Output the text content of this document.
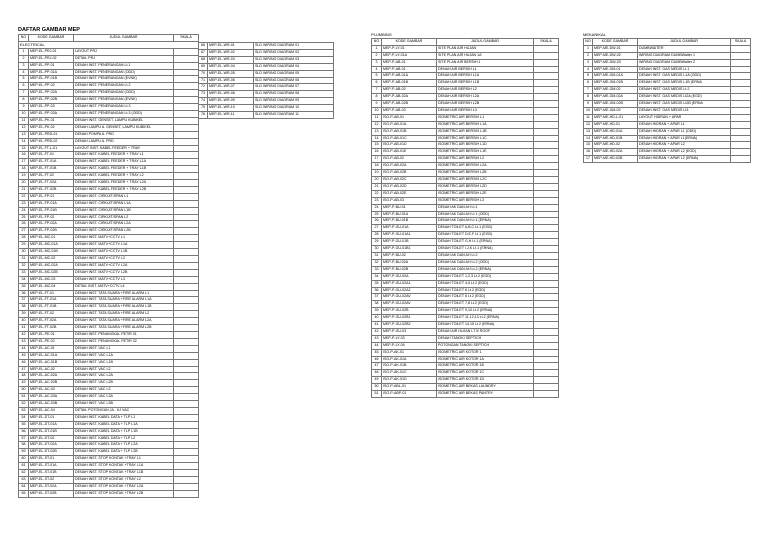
DAFTAR GAMBAR MEP
NO	KODE GAMBAR	JUDUL GAMBAR	SKALA
ELECTRICAL			
1	MEP-EL-PRJ-01	LAYOUT PRJ	
2	MEP-EL-PRJ-02	DETAIL PRJ	
3	MEP-EL-PP-01	DENAH INST. PENERANGAN Lt.1	
4	MEP-EL-PP-01A	DENAH INST. PENERANGAN (ODD)	
5	MEP-EL-PP-01B	DENAH INST. PENERANGAN (EVNK)	
6	MEP-EL-PP-02	DENAH INST. PENERANGAN Lt.2	
7	MEP-EL-PP-02A	DENAH INST. PENERANGAN (ODD)	
8	MEP-EL-PP-02B	DENAH INST. PENERANGAN (EVNK)	
9	MEP-EL-PP-03	DENAH INST. PENERANGAN Lt.3	
10	MEP-EL-PP-03A	DENAH INST. PENERANGAN Lt.3 (ODD)	
11	MEP-EL-PK-01	DENAH INST. GENSET, LAMPU KUBIKEL	
12	MEP-EL-PK-02	DENAH LAMPU A. GENSET, LAMPU KUBIKEL	
13	MEP-EL-PRD-01	DENAH POMPA A. PRD	
14	MEP-EL-PRD-02	DENAH LAMPU A. PRD	
15	MEP-EL-FT-L-01	LAYOUT INST. KABEL FEEDER + TRAY	
16	MEP-EL-FT-01	DENAH INST. KABEL FEEDER + TRAY L1	
17	MEP-EL-FT-01A	DENAH INST. KABEL FEEDER + TRAY L1A	
18	MEP-EL-FT-01B	DENAH INST. KABEL FEEDER + TRAY L1B	
19	MEP-EL-FT-02	DENAH INST. KABEL FEEDER + TRAY L2	
20	MEP-EL-FT-02A	DENAH INST. KABEL FEEDER + TRAY L2A	
21	MEP-EL-FT-02B	DENAH INST. KABEL FEEDER + TRAY L2B	
22	MEP-EL-FP-01	DENAH INST. CIRKUIT/SPAN L1	
23	MEP-EL-FP-01A	DENAH INST. CIRKUIT/SPAN L1A	
24	MEP-EL-FP-01B	DENAH INST. CIRKUIT/SPAN L1B	
25	MEP-EL-FP-02	DENAH INST. CIRKUIT/SPAN L2	
26	MEP-EL-FP-02A	DENAH INST. CIRKUIT/SPAN L2A	
27	MEP-EL-FP-02B	DENAH INST. CIRKUIT/SPAN L2B	
28	MEP-EL-MC-01	DENAH INST. MATV+CCTV L1	
29	MEP-EL-MC-01A	DENAH INST. MATV+CCTV L1A	
30	MEP-EL-MC-01B	DENAH INST. MATV+CCTV L1B	
31	MEP-EL-MC-02	DENAH INST. MATV+CCTV L2	
32	MEP-EL-MC-02A	DENAH INST. MATV+CCTV L2A	
33	MEP-EL-MC-02B	DENAH INST. MATV+CCTV L2B	
34	MEP-EL-MC-03	DENAH INST. MATV+CCTV L3	
35	MEP-EL-MC-04	DETAIL INST. MATV+CCTV L4	
36	MEP-EL-FT-01	DENAH INST. TATA SUARA +FIRE ALARM L1	
37	MEP-EL-FT-01A	DENAH INST. TATA SUARA +FIRE ALARM L1A	
38	MEP-EL-FT-01B	DENAH INST. TATA SUARA +FIRE ALARM L1B	
39	MEP-EL-FT-02	DENAH INST. TATA SUARA +FIRE ALARM L2	
40	MEP-EL-FT-02A	DENAH INST. TATA SUARA +FIRE ALARM L2A	
41	MEP-EL-FT-02B	DENAH INST. TATA SUARA +FIRE ALARM L2B	
42	MEP-EL-PE-01	DENAH INST. PENANGKAL PETIR 01	
43	MEP-EL-PE-02	DENAH INST. PENANGKAL PETIR 02	
44	MEP-EL-AC-01	DENAH INST. VAC L1	
45	MEP-EL-AC-01A	DENAH INST. VAC L1A	
46	MEP-EL-AC-01B	DENAH INST. VAC L1B	
47	MEP-EL-AC-02	DENAH INST. VAC L2	
48	MEP-EL-AC-02A	DENAH INST. VAC L2A	
49	MEP-EL-AC-02B	DENAH INST. VAC L2B	
50	MEP-EL-AC-03	DENAH INST. VAC L3	
51	MEP-EL-AC-03A	DENAH INST. VAC L3A	
52	MEP-EL-AC-03B	DENAH INST. VAC L3B	
53	MEP-EL-AC-04	DETAIL POTONGAN JA - KJ VAC	
54	MEP-EL-DT-01	DENAH INST. KABEL DATA + TLP L1	
55	MEP-EL-DT-01A	DENAH INST. KABEL DATA + TLP L1A	
56	MEP-EL-DT-01B	DENAH INST. KABEL DATA + TLP L1B	
57	MEP-EL-DT-02	DENAH INST. KABEL DATA + TLP L2	
58	MEP-EL-DT-02A	DENAH INST. KABEL DATA + TLP L2A	
59	MEP-EL-DT-02B	DENAH INST. KABEL DATA + TLP L2B	
60	MEP-EL-ST-01	DENAH INST. STOP KONTAK +TRAY L1	
61	MEP-EL-ST-01A	DENAH INST. STOP KONTAK +TRAY L1A	
62	MEP-EL-ST-01B	DENAH INST. STOP KONTAK +TRAY L1B	
63	MEP-EL-ST-02	DENAH INST. STOP KONTAK +TRAY L2	
64	MEP-EL-ST-02A	DENAH INST. STOP KONTAK +TRAY L2A	
65	MEP-EL-ST-02B	DENAH INST. STOP KONTAK +TRAY L2B	
66	MEP-EL-WR-01	SLD WIRING DIAGRAM 01
67	MEP-EL-WR-02	SLD WIRING DIAGRAM 02
68	MEP-EL-WR-03	SLD WIRING DIAGRAM 03
69	MEP-EL-WR-04	SLD WIRING DIAGRAM 04
70	MEP-EL-WR-05	SLD WIRING DIAGRAM 05
71	MEP-EL-WR-06	SLD WIRING DIAGRAM 06
72	MEP-EL-WR-07	SLD WIRING DIAGRAM 07
73	MEP-EL-WR-08	SLD WIRING DIAGRAM 08
74	MEP-EL-WR-09	SLD WIRING DIAGRAM 09
75	MEP-EL-WR-10	SLD WIRING DIAGRAM 10
76	MEP-EL-WR-11	SLD WIRING DIAGRAM 11
PLUMBING
NO	KODE GAMBAR	JUDUL GAMBAR	SKALA
1	MEP-P-LY-01	SITE PLAN AIR HUJAN	
2	MEP-P-LY-01A	SITE PLAN AIR HUJAN 1A	
3	MEP-P-AB-01	SITE PLAN AIR BERSIH 1	
4	MEP-P-AB-01	DENAH AIR BERSIH L1	
5	MEP-P-AB-01A	DENAH AIR BERSIH L1A	
6	MEP-P-AB-01B	DENAH AIR BERSIH L1B	
7	MEP-P-AB-02	DENAH AIR BERSIH L2	
8	MEP-P-AB-02A	DENAH AIR BERSIH L2A	
9	MEP-P-AB-02B	DENAH AIR BERSIH L2B	
10	MEP-P-AB-03	DENAH AIR BERSIH L3	
11	ISO-P-AB-01	ISOMETRIC AIR BERSIH L1	
12	ISO-P-AB-01A	ISOMETRIC AIR BERSIH L1A	
13	ISO-P-AB-01B	ISOMETRIC AIR BERSIH L1B	
14	ISO-P-AB-01C	ISOMETRIC AIR BERSIH L1C	
15	ISO-P-AB-01D	ISOMETRIC AIR BERSIH L1D	
16	ISO-P-AB-01E	ISOMETRIC AIR BERSIH L1E	
17	ISO-P-AB-02	ISOMETRIC AIR BERSIH L2	
18	ISO-P-AB-02A	ISOMETRIC AIR BERSIH L2A	
19	ISO-P-AB-02B	ISOMETRIC AIR BERSIH L2B	
20	ISO-P-AB-02C	ISOMETRIC AIR BERSIH L2C	
21	ISO-P-AB-02D	ISOMETRIC AIR BERSIH L2D	
22	ISO-P-AB-02E	ISOMETRIC AIR BERSIH L2E	
23	ISO-P-AB-03	ISOMETRIC AIR BERSIH L3	
24	MEP-P-BU-01	DENAH AK DAN AH Lt.1	
25	MEP-P-BU-01A	DENAH AK DAN AH Lt.1 (ODD)	
26	MEP-P-BU-01B	DENAH AK DAN AH Lt.1 (ERNA)	
27	MEP-P-GU-01A	DENAH TOILET A,B,C Lt.1 (EGD)	
28	MEP-P-GU-01A1	DENAH TOILET D,E,F Lt.1 (EGD)	
29	MEP-P-GU-01B	DENAH TOILET G,H Lt.1 (ERNA)	
30	MEP-P-GU-01B1	DENAH TOILET I,J,K Lt.1 (ERNA)	
31	MEP-P-BU-02	DENAH AK DAN AH Lt.2	
32	MEP-P-BU-02A	DENAH AK DAN AH Lt.2 (ODD)	
33	MEP-P-BU-02B	DENAH AK DAN AH Lt.2 (ERNA)	
34	MEP-P-GU-02A	DENAH TOILET 1,2,3 Lt.2 (EGD)	
35	MEP-P-GU-02A1	DENAH TOILET 4,5 Lt.2 (EGD)	
36	MEP-P-GU-02A2	DENAH TOILET 6 Lt.2 (EGD)	
37	MEP-P-GU-02AV	DENAH TOILET 6 Lt.2 (EGD)	
38	MEP-P-GU-02AV	DENAH TOILET 7,8 Lt.2 (EGD)	
39	MEP-P-GU-02B	DENAH TOILET 9,10 Lt.2 (ERNA)	
40	MEP-P-GU-02B1	DENAH TOILET 11,12,13 Lt.2 (ERNA)	
41	MEP-P-GU-02B2	DENAH TOILET 14,15 Lt.2 (ERNA)	
42	MEP-P-GU-03	DENAH AIR HUJAN LT.3/ ROOF	
43	MEP-P-LY-03	DENAH TANGKI SEPTICH	
44	MEP-P-LY-04	POTONGAN TANGKI SEPTICH	
45	ISO-P-AK-01	ISOMETRIC AIR KOTOR 1	
46	ISO-P-AK-01A	ISOMETRIC AIR KOTOR 1A	
47	ISO-P-AK-01B	ISOMETRIC AIR KOTOR 1B	
48	ISO-P-AK-01C	ISOMETRIC AIR KOTOR 1C	
49	ISO-P-AK-01D	ISOMETRIC AIR KOTOR 1D	
50	ISO-P-ABL-01	ISOMETRIC AIR BEKAS LAUNDRY	
51	ISO-P-ABP-01	ISOMETRIC AIR BEKAS PANTRY	
MEKANIKAL
NO	KODE GAMBAR	JUDUL GAMBAR	SKALA
1	MEP-ME-DW-01	DUMBWAITER	
2	MEP-ME-DW-02	WIRING DIAGRAM DUMBWaiter 1	
3	MEP-ME-DW-03	WIRING DIAGRAM DUMBWaiter 2	
4	MEP-ME-GM-01	DENAH INST. GAS MEDIS Lt.1	
5	MEP-ME-GM-01A	DENAH INST. GAS MEDIS L1A (ODD)	
6	MEP-ME-GM-01B	DENAH INST. GAS MEDIS L1B (ERNA	
7	MEP-ME-GM-02	DENAH INST. GAS MEDIS Lt.2	
8	MEP-ME-GM-02A	DENAH INST. GAS MEDIS Lt2A (EGD)	
9	MEP-ME-GM-02B	DENAH INST. GAS MEDIS Lt2B (ERNA	
10	MEP-ME-GM-03	DENAH INST. GAS MEDIS Lt3	
11	MEP-ME-HD-L-01	LAYOUT HIDRAN + APAR	
12	MEP-ME-HD-01	DENAH HIDRAN + APAR L1	
13	MEP-ME-HD-01A	DENAH HIDRAN + APAR L1 (ODD)	
14	MEP-ME-HD-01B	DENAH HIDRAN + APAR L1(ERNA)	
15	MEP-ME-HD-02	DENAH HIDRAN + APAR L2	
16	MEP-ME-HD-02A	DENAH HIDRAN + APAR L2 (EGD)	
17	MEP-ME-HD-02B	DENAH HIDRAN + APAR L2 (ERNA)	
